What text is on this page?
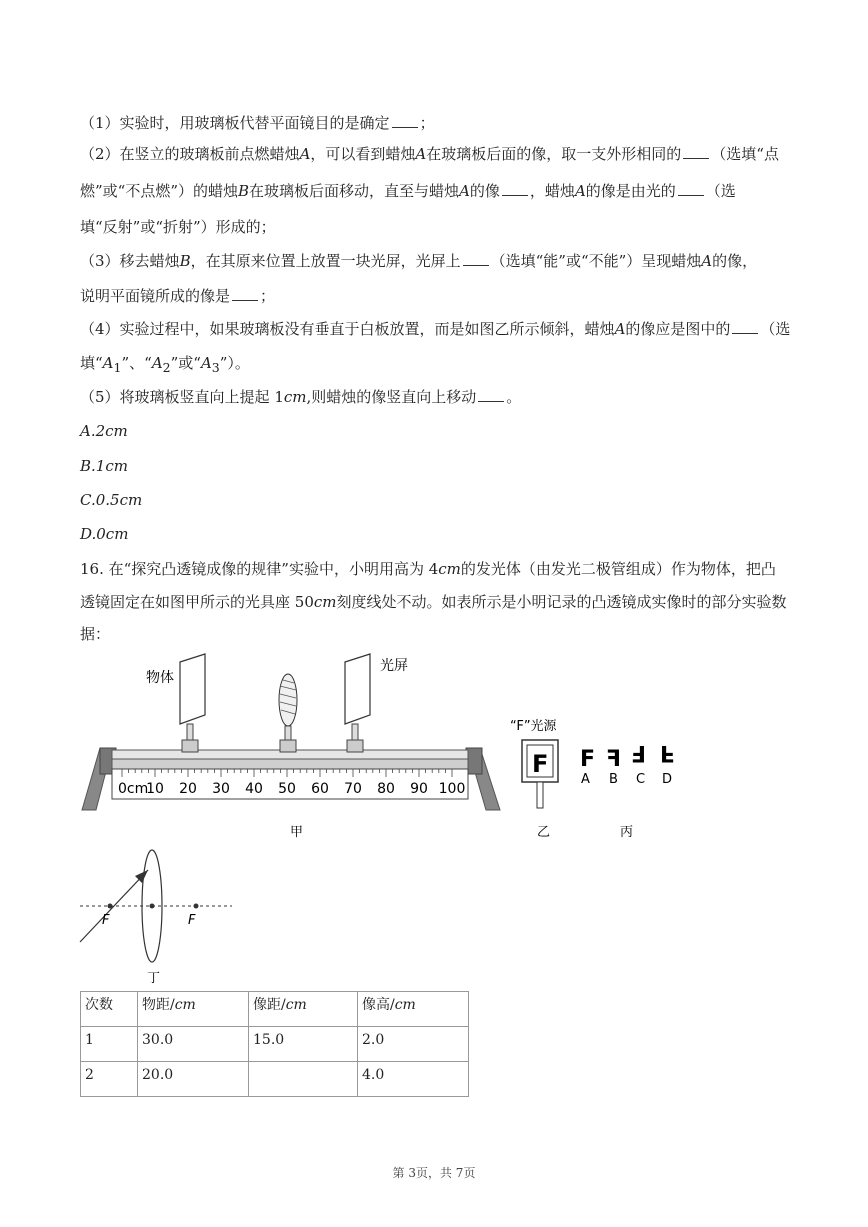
（1）实验时，用玻璃板代替平面镜目的是确定 ；
（2）在竖立的玻璃板前点燃蜡烛A，可以看到蜡烛A在玻璃板后面的像，取一支外形相同的 （选填“点
燃”或“不点燃”）的蜡烛B在玻璃板后面移动，直至与蜡烛A的像 ，蜡烛A的像是由光的 （选
填“反射”或“折射”）形成的；
（3）移去蜡烛B，在其原来位置上放置一块光屏，光屏上 （选填“能”或“不能”）呈现蜡烛A的像，
说明平面镜所成的像是 ；
（4）实验过程中，如果玻璃板没有垂直于白板放置，而是如图乙所示倾斜，蜡烛A的像应是图中的 （选
填“$A_1$”、“$A_2$”或“$A_3$”）。
（5）将玻璃板竖直向上提起 1cm,则蜡烛的像竖直向上移动 。
A.2cm
B.1cm
C.0.5cm
D.0cm
16. 在“探究凸透镜成像的规律”实验中，小明用高为 4cm的发光体（由发光二极管组成）作为物体，把凸
透镜固定在如图甲所示的光具座 50cm刻度线处不动。如表所示是小明记录的凸透镜成实像时的部分实验数
据：
0cm
10 20 30 40 50 60 70 80 90 100
物体
光屏
甲
“F”光源
F
乙
F F F F
A B C D
丙
F	F
丁
次数	物距/cm	像距/cm	像高/cm
1	30.0	15.0	2.0
2	20.0		4.0
第 3页，共 7页
